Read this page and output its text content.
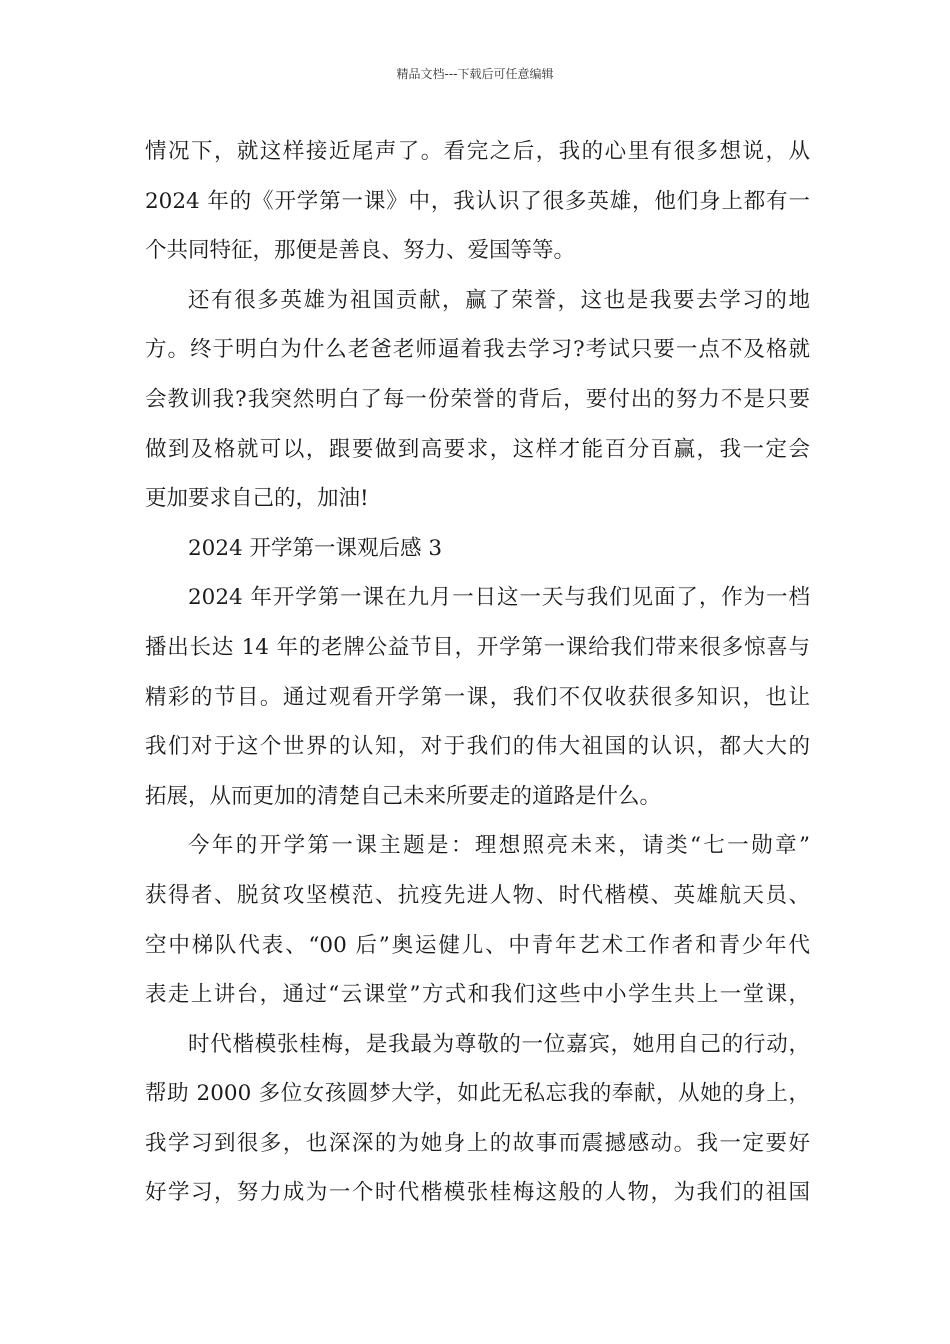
精品文档---下载后可任意编辑
情况下，就这样接近尾声了。看完之后，我的心里有很多想说，从
2024 年的《开学第一课》中，我认识了很多英雄，他们身上都有一
个共同特征，那便是善良、努力、爱国等等。
还有很多英雄为祖国贡献，赢了荣誉，这也是我要去学习的地
方。终于明白为什么老爸老师逼着我去学习?考试只要一点不及格就
会教训我?我突然明白了每一份荣誉的背后，要付出的努力不是只要
做到及格就可以，跟要做到高要求，这样才能百分百赢，我一定会
更加要求自己的，加油!
2024 开学第一课观后感 3
2024 年开学第一课在九月一日这一天与我们见面了，作为一档
播出长达 14 年的老牌公益节目，开学第一课给我们带来很多惊喜与
精彩的节目。通过观看开学第一课，我们不仅收获很多知识，也让
我们对于这个世界的认知，对于我们的伟大祖国的认识，都大大的
拓展，从而更加的清楚自己未来所要走的道路是什么。
今年的开学第一课主题是：理想照亮未来，请类“七一勋章”
获得者、脱贫攻坚模范、抗疫先进人物、时代楷模、英雄航天员、
空中梯队代表、“00 后”奥运健儿、中青年艺术工作者和青少年代
表走上讲台，通过“云课堂”方式和我们这些中小学生共上一堂课，
时代楷模张桂梅，是我最为尊敬的一位嘉宾，她用自己的行动，
帮助 2000 多位女孩圆梦大学，如此无私忘我的奉献，从她的身上，
我学习到很多，也深深的为她身上的故事而震撼感动。我一定要好
好学习，努力成为一个时代楷模张桂梅这般的人物，为我们的祖国
